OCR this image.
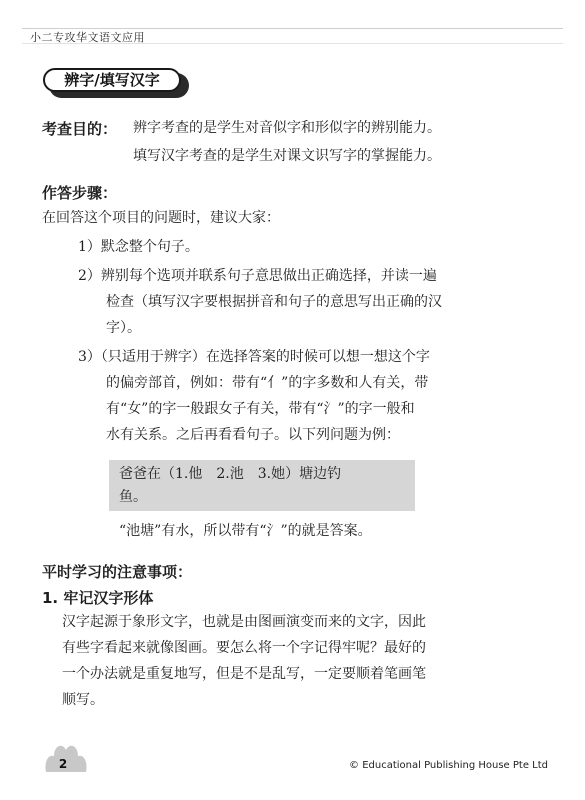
小二专攻华文语文应用
辨字/填写汉字
考查目的： 辨字考查的是学生对音似字和形似字的辨别能力。
填写汉字考查的是学生对课文识写字的掌握能力。
作答步骤：
在回答这个项目的问题时，建议大家：
1）默念整个句子。
2）辨别每个选项并联系句子意思做出正确选择，并读一遍
检查（填写汉字要根据拼音和句子的意思写出正确的汉
字）。
3）（只适用于辨字）在选择答案的时候可以想一想这个字
的偏旁部首，例如：带有“亻”的字多数和人有关，带
有“女”的字一般跟女子有关，带有“氵”的字一般和
水有关系。之后再看看句子。以下列问题为例：
爸爸在（1.他　2.池　3.她）塘边钓
鱼。
“池塘”有水，所以带有“氵”的就是答案。
平时学习的注意事项：
1. 牢记汉字形体
汉字起源于象形文字，也就是由图画演变而来的文字，因此
有些字看起来就像图画。要怎么将一个字记得牢呢？最好的
一个办法就是重复地写，但是不是乱写，一定要顺着笔画笔
顺写。
2	© Educational Publishing House Pte Ltd
